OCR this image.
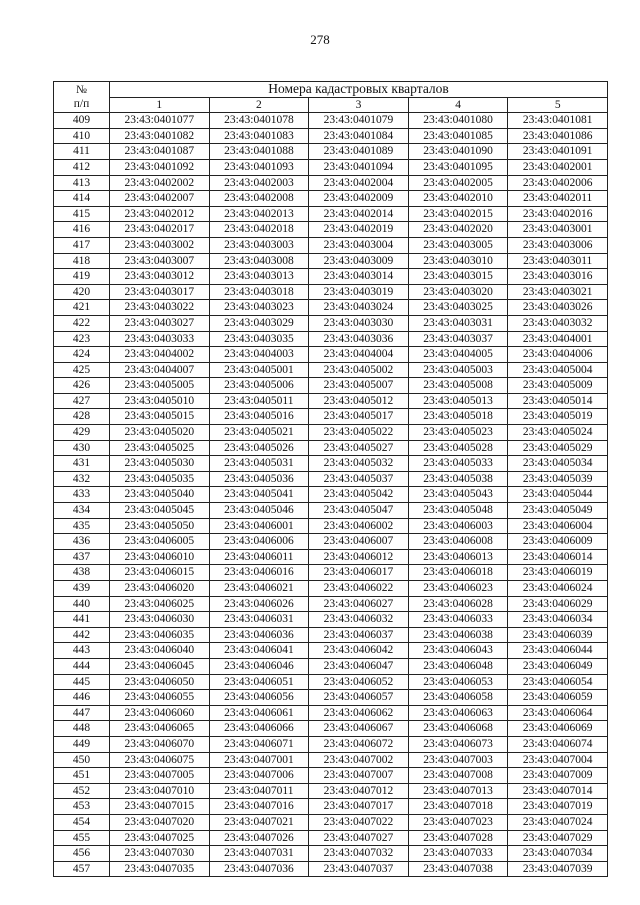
278
№
п/п	Номера кадастровых кварталов				
	1	2	3	4	5
409	23:43:0401077	23:43:0401078	23:43:0401079	23:43:0401080	23:43:0401081
410	23:43:0401082	23:43:0401083	23:43:0401084	23:43:0401085	23:43:0401086
411	23:43:0401087	23:43:0401088	23:43:0401089	23:43:0401090	23:43:0401091
412	23:43:0401092	23:43:0401093	23:43:0401094	23:43:0401095	23:43:0402001
413	23:43:0402002	23:43:0402003	23:43:0402004	23:43:0402005	23:43:0402006
414	23:43:0402007	23:43:0402008	23:43:0402009	23:43:0402010	23:43:0402011
415	23:43:0402012	23:43:0402013	23:43:0402014	23:43:0402015	23:43:0402016
416	23:43:0402017	23:43:0402018	23:43:0402019	23:43:0402020	23:43:0403001
417	23:43:0403002	23:43:0403003	23:43:0403004	23:43:0403005	23:43:0403006
418	23:43:0403007	23:43:0403008	23:43:0403009	23:43:0403010	23:43:0403011
419	23:43:0403012	23:43:0403013	23:43:0403014	23:43:0403015	23:43:0403016
420	23:43:0403017	23:43:0403018	23:43:0403019	23:43:0403020	23:43:0403021
421	23:43:0403022	23:43:0403023	23:43:0403024	23:43:0403025	23:43:0403026
422	23:43:0403027	23:43:0403029	23:43:0403030	23:43:0403031	23:43:0403032
423	23:43:0403033	23:43:0403035	23:43:0403036	23:43:0403037	23:43:0404001
424	23:43:0404002	23:43:0404003	23:43:0404004	23:43:0404005	23:43:0404006
425	23:43:0404007	23:43:0405001	23:43:0405002	23:43:0405003	23:43:0405004
426	23:43:0405005	23:43:0405006	23:43:0405007	23:43:0405008	23:43:0405009
427	23:43:0405010	23:43:0405011	23:43:0405012	23:43:0405013	23:43:0405014
428	23:43:0405015	23:43:0405016	23:43:0405017	23:43:0405018	23:43:0405019
429	23:43:0405020	23:43:0405021	23:43:0405022	23:43:0405023	23:43:0405024
430	23:43:0405025	23:43:0405026	23:43:0405027	23:43:0405028	23:43:0405029
431	23:43:0405030	23:43:0405031	23:43:0405032	23:43:0405033	23:43:0405034
432	23:43:0405035	23:43:0405036	23:43:0405037	23:43:0405038	23:43:0405039
433	23:43:0405040	23:43:0405041	23:43:0405042	23:43:0405043	23:43:0405044
434	23:43:0405045	23:43:0405046	23:43:0405047	23:43:0405048	23:43:0405049
435	23:43:0405050	23:43:0406001	23:43:0406002	23:43:0406003	23:43:0406004
436	23:43:0406005	23:43:0406006	23:43:0406007	23:43:0406008	23:43:0406009
437	23:43:0406010	23:43:0406011	23:43:0406012	23:43:0406013	23:43:0406014
438	23:43:0406015	23:43:0406016	23:43:0406017	23:43:0406018	23:43:0406019
439	23:43:0406020	23:43:0406021	23:43:0406022	23:43:0406023	23:43:0406024
440	23:43:0406025	23:43:0406026	23:43:0406027	23:43:0406028	23:43:0406029
441	23:43:0406030	23:43:0406031	23:43:0406032	23:43:0406033	23:43:0406034
442	23:43:0406035	23:43:0406036	23:43:0406037	23:43:0406038	23:43:0406039
443	23:43:0406040	23:43:0406041	23:43:0406042	23:43:0406043	23:43:0406044
444	23:43:0406045	23:43:0406046	23:43:0406047	23:43:0406048	23:43:0406049
445	23:43:0406050	23:43:0406051	23:43:0406052	23:43:0406053	23:43:0406054
446	23:43:0406055	23:43:0406056	23:43:0406057	23:43:0406058	23:43:0406059
447	23:43:0406060	23:43:0406061	23:43:0406062	23:43:0406063	23:43:0406064
448	23:43:0406065	23:43:0406066	23:43:0406067	23:43:0406068	23:43:0406069
449	23:43:0406070	23:43:0406071	23:43:0406072	23:43:0406073	23:43:0406074
450	23:43:0406075	23:43:0407001	23:43:0407002	23:43:0407003	23:43:0407004
451	23:43:0407005	23:43:0407006	23:43:0407007	23:43:0407008	23:43:0407009
452	23:43:0407010	23:43:0407011	23:43:0407012	23:43:0407013	23:43:0407014
453	23:43:0407015	23:43:0407016	23:43:0407017	23:43:0407018	23:43:0407019
454	23:43:0407020	23:43:0407021	23:43:0407022	23:43:0407023	23:43:0407024
455	23:43:0407025	23:43:0407026	23:43:0407027	23:43:0407028	23:43:0407029
456	23:43:0407030	23:43:0407031	23:43:0407032	23:43:0407033	23:43:0407034
457	23:43:0407035	23:43:0407036	23:43:0407037	23:43:0407038	23:43:0407039
